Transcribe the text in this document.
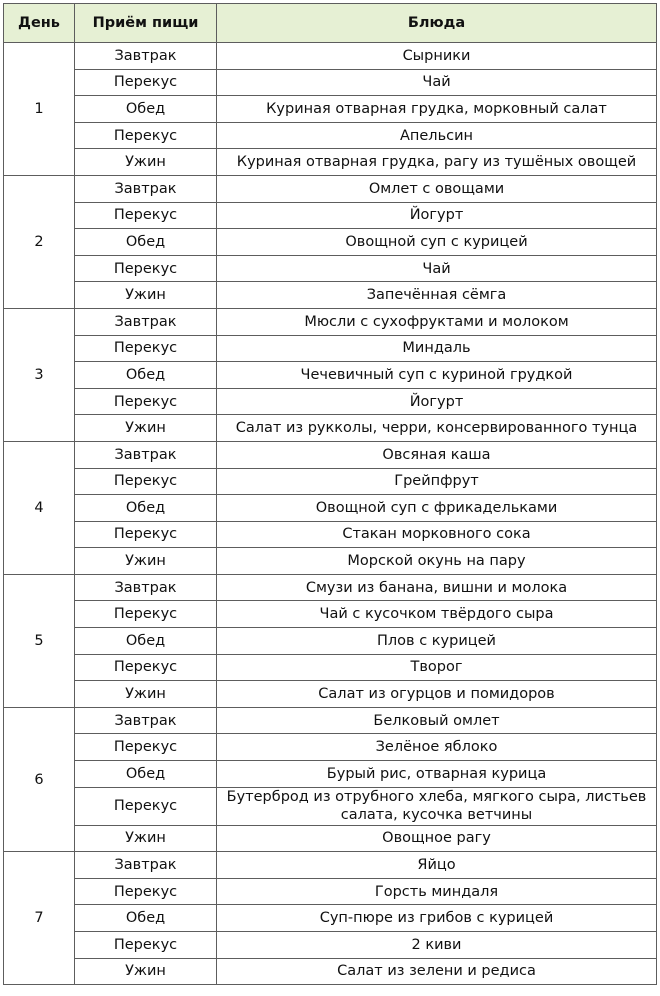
День	Приём пищи	Блюда
1	Завтрак	Сырники
	Перекус	Чай
	Обед	Куриная отварная грудка, морковный салат
	Перекус	Апельсин
	Ужин	Куриная отварная грудка, рагу из тушёных овощей
2	Завтрак	Омлет с овощами
	Перекус	Йогурт
	Обед	Овощной суп с курицей
	Перекус	Чай
	Ужин	Запечённая сёмга
3	Завтрак	Мюсли с сухофруктами и молоком
	Перекус	Миндаль
	Обед	Чечевичный суп с куриной грудкой
	Перекус	Йогурт
	Ужин	Салат из рукколы, черри, консервированного тунца
4	Завтрак	Овсяная каша
	Перекус	Грейпфрут
	Обед	Овощной суп с фрикадельками
	Перекус	Стакан морковного сока
	Ужин	Морской окунь на пару
5	Завтрак	Смузи из банана, вишни и молока
	Перекус	Чай с кусочком твёрдого сыра
	Обед	Плов с курицей
	Перекус	Творог
	Ужин	Салат из огурцов и помидоров
6	Завтрак	Белковый омлет
	Перекус	Зелёное яблоко
	Обед	Бурый рис, отварная курица
	Перекус	Бутерброд из отрубного хлеба, мягкого сыра, листьев салата, кусочка ветчины
	Ужин	Овощное рагу
7	Завтрак	Яйцо
	Перекус	Горсть миндаля
	Обед	Суп-пюре из грибов с курицей
	Перекус	2 киви
	Ужин	Салат из зелени и редиса
